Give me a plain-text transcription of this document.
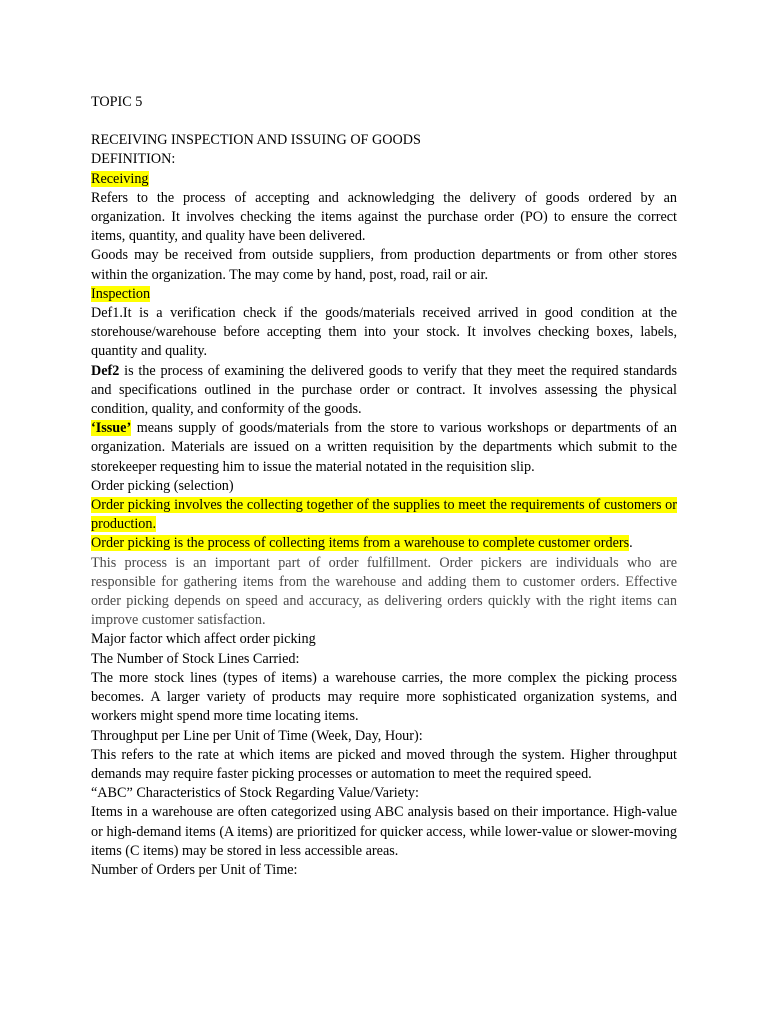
TOPIC 5

RECEIVING INSPECTION AND ISSUING OF GOODS

DEFINITION:

Receiving

Refers to the process of accepting and acknowledging the delivery of goods ordered by an organization. It involves checking the items against the purchase order (PO) to ensure the correct items, quantity, and quality have been delivered.

Goods may be received from outside suppliers, from production departments or from other stores within the organization. The may come by hand, post, road, rail or air.

Inspection

Def1.It is a verification check if the goods/materials received arrived in good condition at the storehouse/warehouse before accepting them into your stock. It involves checking boxes, labels, quantity and quality.

Def2 is the process of examining the delivered goods to verify that they meet the required standards and specifications outlined in the purchase order or contract. It involves assessing the physical condition, quality, and conformity of the goods.

‘Issue’ means supply of goods/materials from the store to various workshops or departments of an organization. Materials are issued on a written requisition by the departments which submit to the storekeeper requesting him to issue the material notated in the requisition slip.

Order picking (selection)

Order picking involves the collecting together of the supplies to meet the requirements of customers or production.

Order picking is the process of collecting items from a warehouse to complete customer orders.

This process is an important part of order fulfillment. Order pickers are individuals who are responsible for gathering items from the warehouse and adding them to customer orders. Effective order picking depends on speed and accuracy, as delivering orders quickly with the right items can improve customer satisfaction.

Major factor which affect order picking

The Number of Stock Lines Carried:

The more stock lines (types of items) a warehouse carries, the more complex the picking process becomes. A larger variety of products may require more sophisticated organization systems, and workers might spend more time locating items.

Throughput per Line per Unit of Time (Week, Day, Hour):

This refers to the rate at which items are picked and moved through the system. Higher throughput demands may require faster picking processes or automation to meet the required speed.

“ABC” Characteristics of Stock Regarding Value/Variety:

Items in a warehouse are often categorized using ABC analysis based on their importance. High-value or high-demand items (A items) are prioritized for quicker access, while lower-value or slower-moving items (C items) may be stored in less accessible areas.

Number of Orders per Unit of Time:
